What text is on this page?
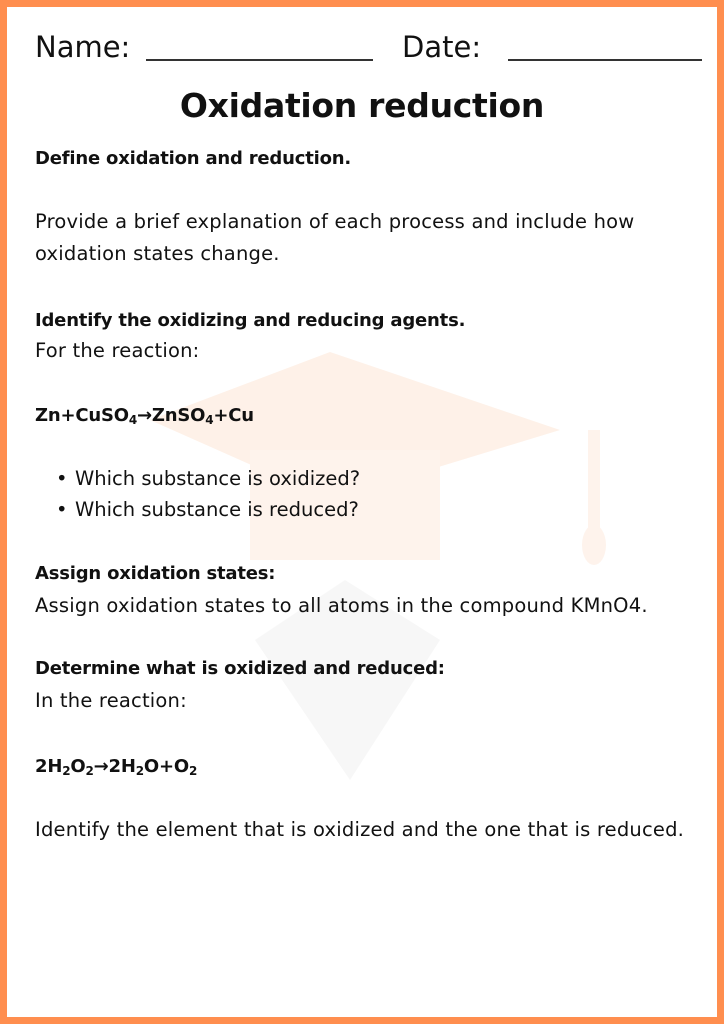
Name:	Date:
Oxidation reduction
Define oxidation and reduction.
Provide a brief explanation of each process and include how
oxidation states change.
Identify the oxidizing and reducing agents.
For the reaction:
Zn+CuSO$_4$→ZnSO$_4$+Cu
• Which substance is oxidized?
• Which substance is reduced?
Assign oxidation states:
Assign oxidation states to all atoms in the compound KMnO4.
Determine what is oxidized and reduced:
In the reaction:
$2H_2O_2\to 2H_2O+O_2$
Identify the element that is oxidized and the one that is reduced.
